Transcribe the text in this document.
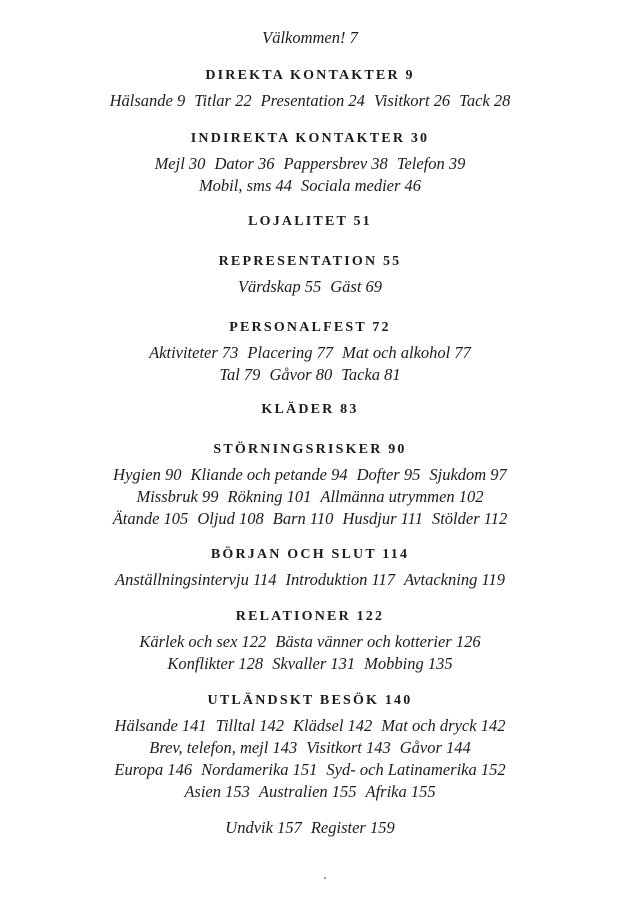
Välkommen! 7
DIREKTA KONTAKTER 9
Hälsande 9 Titlar 22 Presentation 24 Visitkort 26 Tack 28
INDIREKTA KONTAKTER 30
Mejl 30 Dator 36 Pappersbrev 38 Telefon 39
Mobil, sms 44 Sociala medier 46
LOJALITET 51
REPRESENTATION 55
Värdskap 55 Gäst 69
PERSONALFEST 72
Aktiviteter 73 Placering 77 Mat och alkohol 77
Tal 79 Gåvor 80 Tacka 81
KLÄDER 83
STÖRNINGSRISKER 90
Hygien 90 Kliande och petande 94 Dofter 95 Sjukdom 97
Missbruk 99 Rökning 101 Allmänna utrymmen 102
Ätande 105 Oljud 108 Barn 110 Husdjur 111 Stölder 112
BÖRJAN OCH SLUT 114
Anställningsintervju 114 Introduktion 117 Avtackning 119
RELATIONER 122
Kärlek och sex 122 Bästa vänner och kotterier 126
Konflikter 128 Skvaller 131 Mobbing 135
UTLÄNDSKT BESÖK 140
Hälsande 141 Tilltal 142 Klädsel 142 Mat och dryck 142
Brev, telefon, mejl 143 Visitkort 143 Gåvor 144
Europa 146 Nordamerika 151 Syd- och Latinamerika 152
Asien 153 Australien 155 Afrika 155
Undvik 157 Register 159
